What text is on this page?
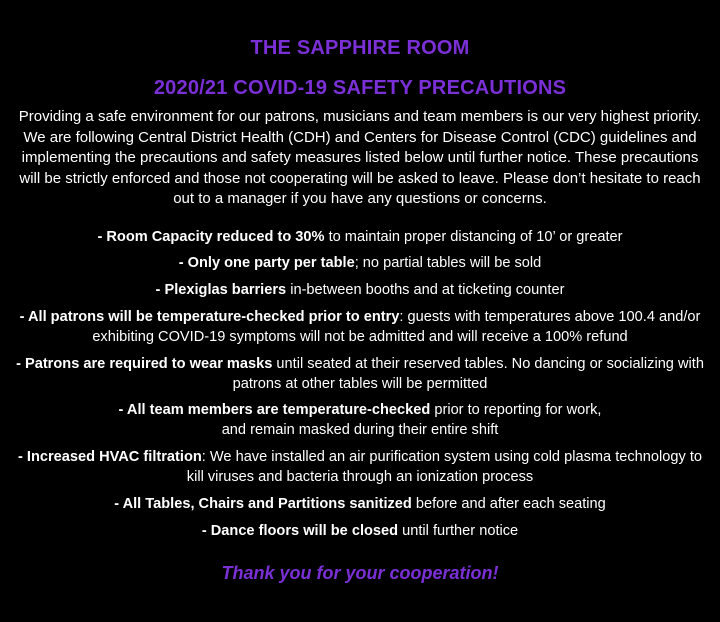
THE SAPPHIRE ROOM
2020/21 COVID-19 SAFETY PRECAUTIONS

Providing a safe environment for our patrons, musicians and team members is our very highest priority. We are following Central District Health (CDH) and Centers for Disease Control (CDC) guidelines and implementing the precautions and safety measures listed below until further notice. These precautions will be strictly enforced and those not cooperating will be asked to leave. Please don’t hesitate to reach out to a manager if you have any questions or concerns.

- Room Capacity reduced to 30% to maintain proper distancing of 10’ or greater
- Only one party per table; no partial tables will be sold
- Plexiglas barriers in-between booths and at ticketing counter
- All patrons will be temperature-checked prior to entry: guests with temperatures above 100.4 and/or exhibiting COVID-19 symptoms will not be admitted and will receive a 100% refund
- Patrons are required to wear masks until seated at their reserved tables. No dancing or socializing with patrons at other tables will be permitted
- All team members are temperature-checked prior to reporting for work,
and remain masked during their entire shift
- Increased HVAC filtration: We have installed an air purification system using cold plasma technology to kill viruses and bacteria through an ionization process
- All Tables, Chairs and Partitions sanitized before and after each seating
- Dance floors will be closed until further notice
Thank you for your cooperation!
